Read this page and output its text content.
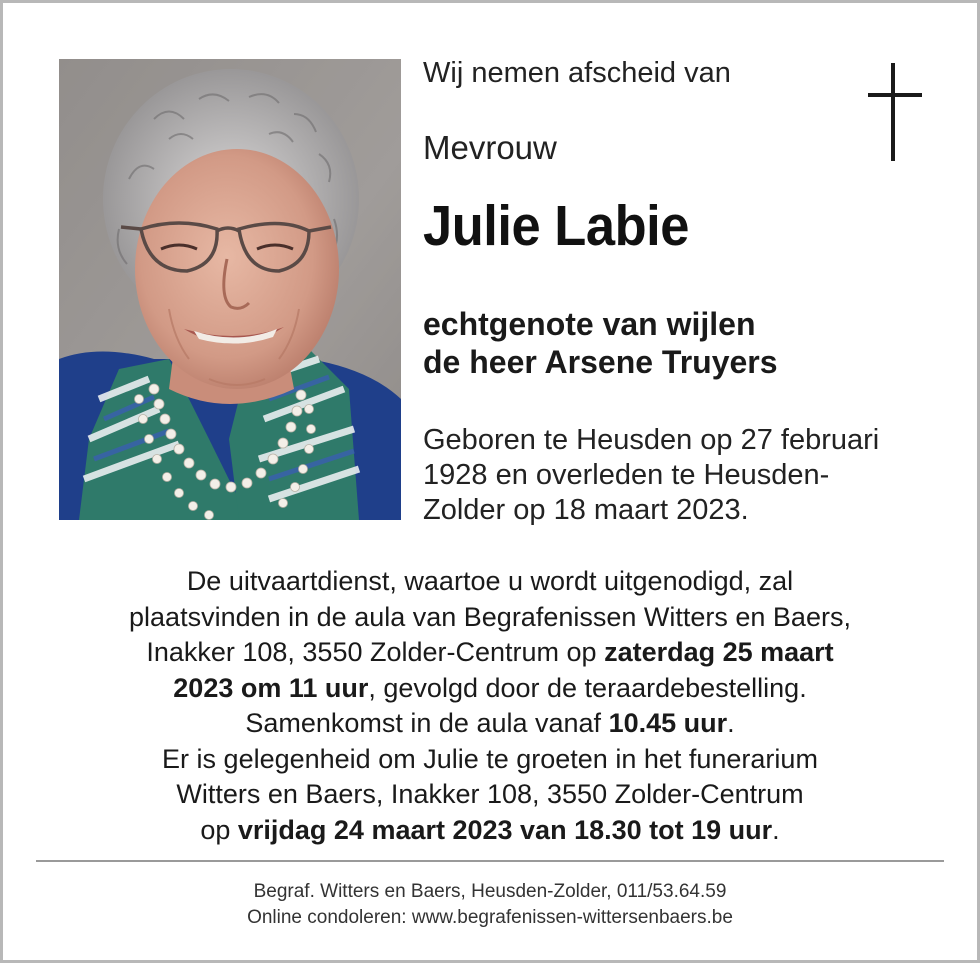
Wij nemen afscheid van
Mevrouw
Julie Labie
echtgenote van wijlen
de heer Arsene Truyers
Geboren te Heusden op 27 februari
1928 en overleden te Heusden-
Zolder op 18 maart 2023.
De uitvaartdienst, waartoe u wordt uitgenodigd, zal
plaatsvinden in de aula van Begrafenissen Witters en Baers,
Inakker 108, 3550 Zolder-Centrum op zaterdag 25 maart
2023 om 11 uur, gevolgd door de teraardebestelling.
Samenkomst in de aula vanaf 10.45 uur.
Er is gelegenheid om Julie te groeten in het funerarium
Witters en Baers, Inakker 108, 3550 Zolder-Centrum
op vrijdag 24 maart 2023 van 18.30 tot 19 uur.
Begraf. Witters en Baers, Heusden-Zolder, 011/53.64.59
Online condoleren: www.begrafenissen-wittersenbaers.be
